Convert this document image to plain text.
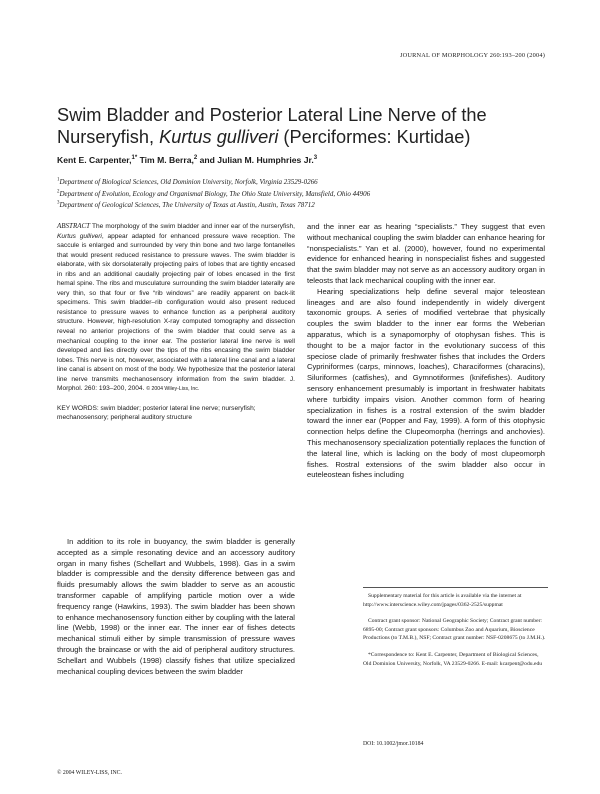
JOURNAL OF MORPHOLOGY 260:193–200 (2004)
Swim Bladder and Posterior Lateral Line Nerve of the Nurseryfish, Kurtus gulliveri (Perciformes: Kurtidae)
Kent E. Carpenter,$^{1*}$ Tim M. Berra,$^2$ and Julian M. Humphries Jr.$^3$
$^1$Department of Biological Sciences, Old Dominion University, Norfolk, Virginia 23529-0266
$^2$Department of Evolution, Ecology and Organismal Biology, The Ohio State University, Mansfield, Ohio 44906
$^3$Department of Geological Sciences, The University of Texas at Austin, Austin, Texas 78712

ABSTRACT The morphology of the swim bladder and inner ear of the nurseryfish, Kurtus gulliveri, appear adapted for enhanced pressure wave reception. The saccule is enlarged and surrounded by very thin bone and two large fontanelles that would present reduced resistance to pressure waves. The swim bladder is elaborate, with six dorsolaterally projecting pairs of lobes that are tightly encased in ribs and an additional caudally projecting pair of lobes encased in the first hemal spine. The ribs and musculature surrounding the swim bladder laterally are very thin, so that four or five “rib windows” are readily apparent on back-lit specimens. This swim bladder–rib configuration would also present reduced resistance to pressure waves to enhance function as a peripheral auditory structure. However, high-resolution X-ray computed tomography and dissection reveal no anterior projections of the swim bladder that could serve as a mechanical coupling to the inner ear. The posterior lateral line nerve is well developed and lies directly over the tips of the ribs encasing the swim bladder lobes. This nerve is not, however, associated with a lateral line canal and a lateral line canal is absent on most of the body. We hypothesize that the posterior lateral line nerve transmits mechanosensory information from the swim bladder. J. Morphol. 260: 193–200, 2004. © 2004 Wiley-Liss, Inc.

KEY WORDS: swim bladder; posterior lateral line nerve; nurseryfish; mechanosensory; peripheral auditory structure

In addition to its role in buoyancy, the swim bladder is generally accepted as a simple resonating device and an accessory auditory organ in many fishes (Schellart and Wubbels, 1998). Gas in a swim bladder is compressible and the density difference between gas and fluids presumably allows the swim bladder to serve as an acoustic transformer capable of amplifying particle motion over a wide frequency range (Hawkins, 1993). The swim bladder has been shown to enhance mechanosensory function either by coupling with the lateral line (Webb, 1998) or the inner ear. The inner ear of fishes detects mechanical stimuli either by simple transmission of pressure waves through the braincase or with the aid of peripheral auditory structures. Schellart and Wubbels (1998) classify fishes that utilize specialized mechanical coupling devices between the swim bladder

and the inner ear as hearing “specialists.” They suggest that even without mechanical coupling the swim bladder can enhance hearing for “nonspecialists.” Yan et al. (2000), however, found no experimental evidence for enhanced hearing in nonspecialist fishes and suggested that the swim bladder may not serve as an accessory auditory organ in teleosts that lack mechanical coupling with the inner ear.

Hearing specializations help define several major teleostean lineages and are also found independently in widely divergent taxonomic groups. A series of modified vertebrae that physically couples the swim bladder to the inner ear forms the Weberian apparatus, which is a synapomorphy of otophysan fishes. This is thought to be a major factor in the evolutionary success of this speciose clade of primarily freshwater fishes that includes the Orders Cypriniformes (carps, minnows, loaches), Characiformes (characins), Siluriformes (catfishes), and Gymnotiformes (knifefishes). Auditory sensory enhancement presumably is important in freshwater habitats where turbidity impairs vision. Another common form of hearing specialization in fishes is a rostral extension of the swim bladder toward the inner ear (Popper and Fay, 1999). A form of this otophysic connection helps define the Clupeomorpha (herrings and anchovies). This mechanosensory specialization potentially replaces the function of the lateral line, which is lacking on the body of most clupeomorph fishes. Rostral extensions of the swim bladder also occur in euteleostean fishes including

Supplementary material for this article is available via the internet at http://www.interscience.wiley.com/jpages/0362-2525/suppmat

Contract grant sponsor: National Geographic Society; Contract grant number: 6895-00; Contract grant sponsors: Columbus Zoo and Aquarium, Bioscience Productions (to T.M.B.), NSF; Contract grant number: NSF-0208675 (to J.M.H.).

*Correspondence to: Kent E. Carpenter, Department of Biological Sciences, Old Dominion University, Norfolk, VA 23529-0266. E-mail: kcarpent@odu.edu

DOI: 10.1002/jmor.10184
© 2004 WILEY-LISS, INC.
